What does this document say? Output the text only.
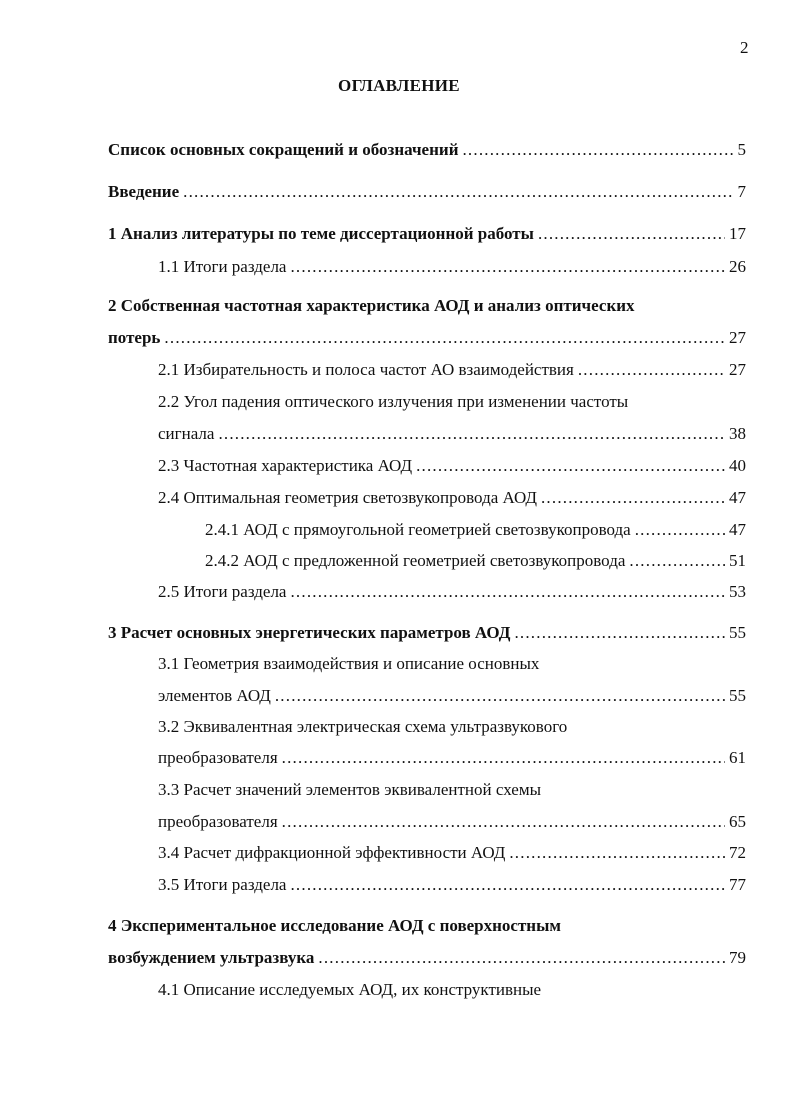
2
ОГЛАВЛЕНИЕ
Список основных сокращений и обозначений .....	5
Введение .....	7
1 Анализ литературы по теме диссертационной работы .....	17
1.1 Итоги раздела .....	26
2 Собственная частотная характеристика АОД и анализ оптических
потерь .....	27
2.1 Избирательность и полоса частот АО взаимодействия .....	27
2.2 Угол падения оптического излучения при изменении частоты
сигнала .....	38
2.3 Частотная характеристика АОД .....	40
2.4 Оптимальная геометрия светозвукопровода АОД .....	47
2.4.1 АОД с прямоугольной геометрией светозвукопровода .....	47
2.4.2 АОД с предложенной геометрией светозвукопровода .....	51
2.5 Итоги раздела .....	53
3 Расчет основных энергетических параметров АОД .....	55
3.1 Геометрия взаимодействия и описание основных
элементов АОД .....	55
3.2 Эквивалентная электрическая схема ультразвукового
преобразователя .....	61
3.3 Расчет значений элементов эквивалентной схемы
преобразователя .....	65
3.4 Расчет дифракционной эффективности АОД .....	72
3.5 Итоги раздела .....	77
4 Экспериментальное исследование АОД с поверхностным
возбуждением ультразвука .....	79
4.1 Описание исследуемых АОД, их конструктивные
